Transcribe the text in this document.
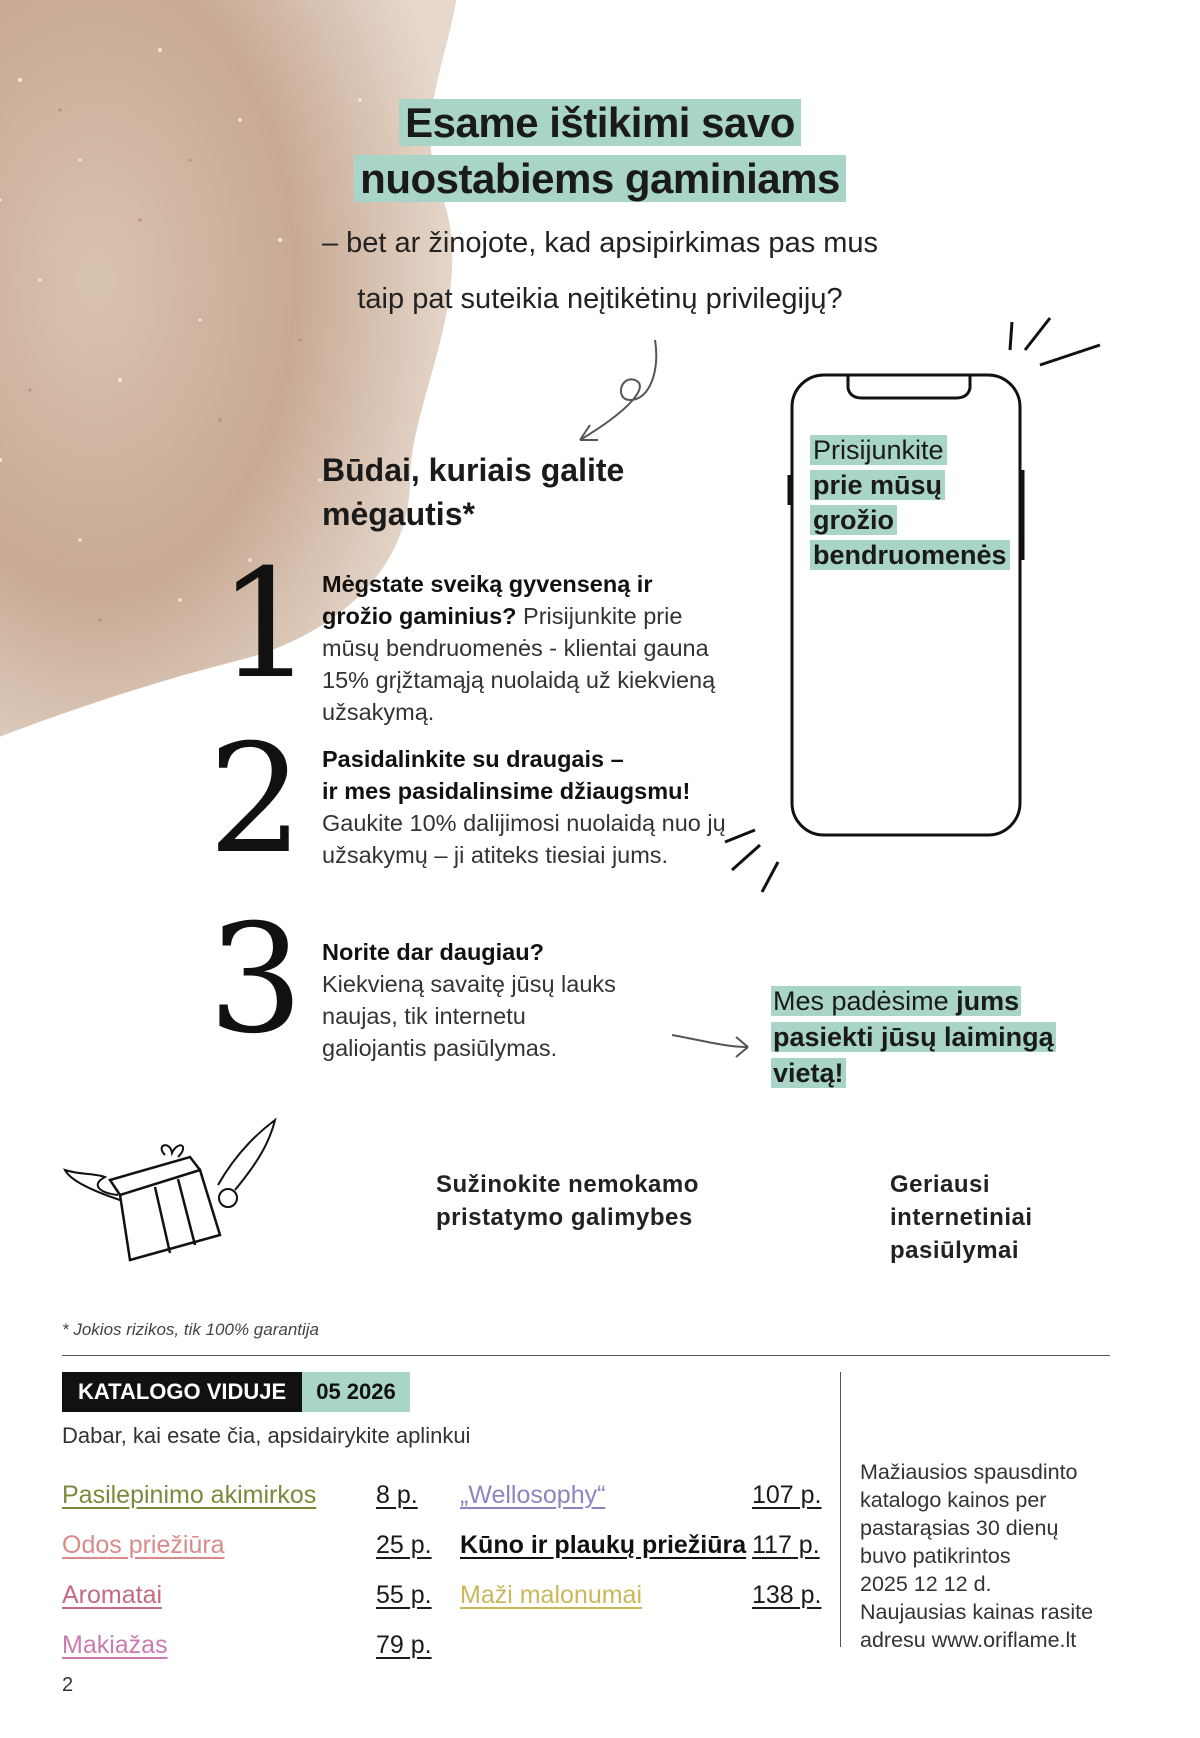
Esame ištikimi savo
nuostabiems gaminiams
– bet ar žinojote, kad apsipirkimas pas mus
taip pat suteikia neįtikėtinų privilegijų?
Būdai, kuriais galite
mėgautis*
1 Mėgstate sveiką gyvenseną ir
grožio gaminius? Prisijunkite prie mūsų bendruomenės - klientai gauna 15% grįžtamąją nuolaidą už kiekvieną užsakymą.
2 Pasidalinkite su draugais –
ir mes pasidalinsime džiaugsmu!
Gaukite 10% dalijimosi nuolaidą nuo jų užsakymų – ji atiteks tiesiai jums.
3 Norite dar daugiau?
Kiekvieną savaitę jūsų lauks naujas, tik internetu galiojantis pasiūlymas.
Prisijunkite
prie mūsų
grožio
bendruomenės
Mes padėsime jums
pasiekti jūsų laimingą
vietą!
Sužinokite nemokamo
pristatymo galimybes
Geriausi
internetiniai
pasiūlymai
* Jokios rizikos, tik 100% garantija
KATALOGO VIDUJE	05 2026
Dabar, kai esate čia, apsidairykite aplinkui
Pasilepinimo akimirkos 8 p.
Odos priežiūra	25 p.
Aromatai	55 p.
Makiažas	79 p.
„Wellosophy“	107 p.
Kūno ir plaukų priežiūra 117 p.
Maži malonumai	138 p.
Mažiausios spausdinto
katalogo kainos per
pastarąsias 30 dienų
buvo patikrintos
2025 12 12 d.
Naujausias kainas rasite
adresu www.oriflame.lt
2
